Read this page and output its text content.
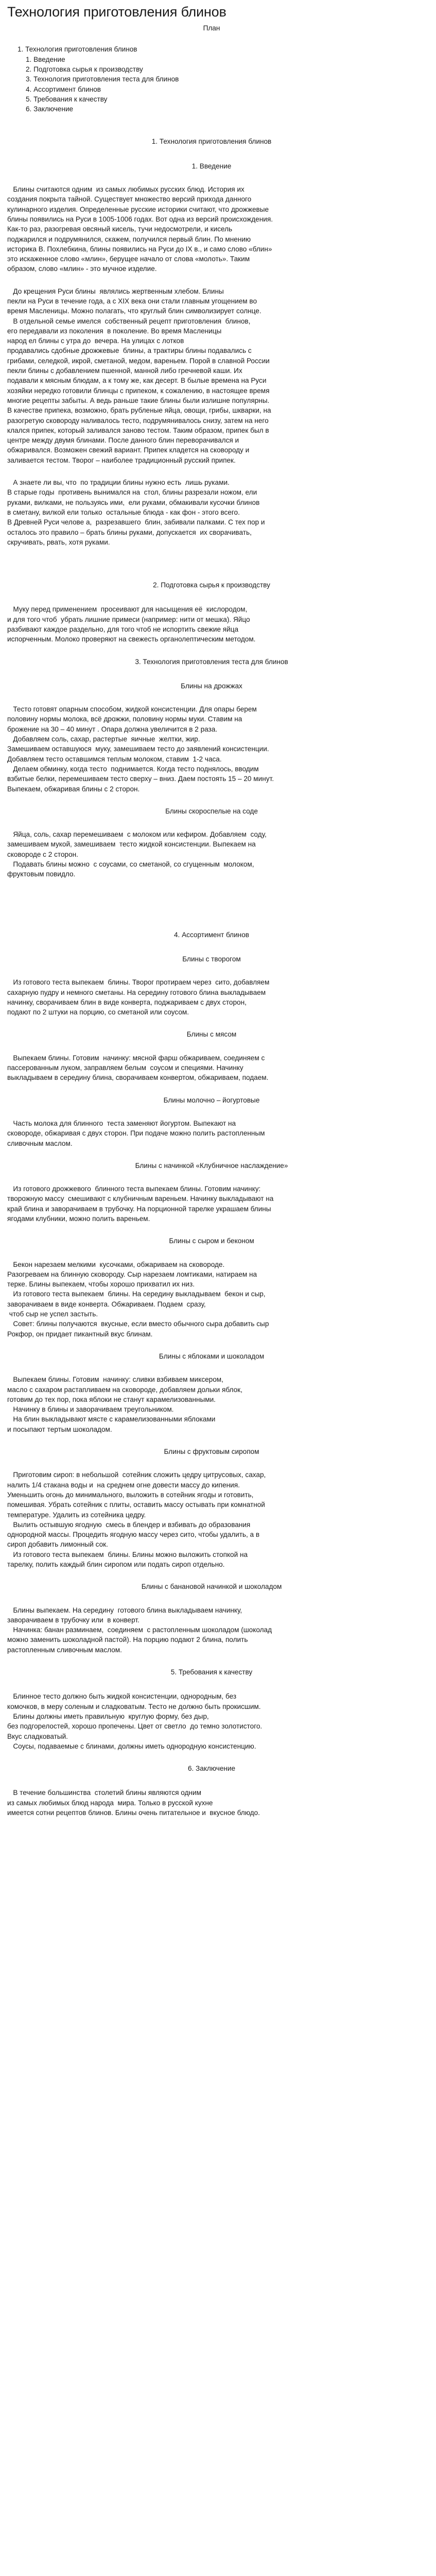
Технология приготовления блинов
План
1. Технология приготовления блинов
1. Введение
2. Подготовка сырья к производству
3. Технология приготовления теста для блинов
4. Ассортимент блинов
5. Требования к качеству
6. Заключение
1. Технология приготовления блинов
1. Введение
Блины считаются одним  из самых любимых русских блюд. История их
создания покрыта тайной. Существует множество версий прихода данного
кулинарного изделия. Определенные русские историки считают, что дрожжевые
блины появились на Руси в 1005-1006 годах. Вот одна из версий происхождения.
Как-то раз, разогревая овсяный кисель, тучи недосмотрели, и кисель
поджарился и подрумянился, скажем, получился первый блин. По мнению
историка В. Похлебкина, блины появились на Руси до IX в., и само слово «блин»
это искаженное слово «млин», берущее начало от слова «молоть». Таким
образом, слово «млин» - это мучное изделие.
До крещения Руси блины  являлись жертвенным хлебом. Блины
пекли на Руси в течение года, а с XIX века они стали главным угощением во
время Масленицы. Можно полагать, что круглый блин символизирует солнце.
В отдельной семье имелся  собственный рецепт приготовления  блинов,
его передавали из поколения  в поколение. Во время Масленицы
народ ел блины с утра до  вечера. На улицах с лотков
продавались сдобные дрожжевые  блины, а трактиры блины подавались с
грибами, селедкой, икрой, сметаной, медом, вареньем. Порой в славной России
пекли блины с добавлением пшенной, манной либо гречневой каши. Их
подавали к мясным блюдам, а к тому же, как десерт. В былые времена на Руси
хозяйки нередко готовили блинцы с припеком, к сожалению, в настоящее время
многие рецепты забыты. А ведь раньше такие блины были излишне популярны.
В качестве припека, возможно, брать рубленые яйца, овощи, грибы, шкварки, на
разогретую сковороду наливалось тесто, подрумянивалось снизу, затем на него
клался припек, который заливался заново тестом. Таким образом, припек был в
центре между двумя блинами. После данного блин переворачивался и
обжаривался. Возможен свежий вариант. Припек кладется на сковороду и
заливается тестом. Творог – наиболее традиционный русский припек.
А знаете ли вы, что  по традиции блины нужно есть  лишь руками.
В старые годы  противень вынимался на  стол, блины разрезали ножом, ели
руками, вилками, не пользуясь ими,  ели руками, обмакивали кусочки блинов
в сметану, вилкой ели только  остальные блюда - как фон - этого всего.
В Древней Руси челове а,  разрезавшего  блин, забивали палками. С тех пор и
осталось это правило – брать блины руками, допускается  их сворачивать,
скручивать, рвать, хотя руками.
2. Подготовка сырья к производству
Муку перед применением  просеивают для насыщения её  кислородом,
и для того чтоб  убрать лишние примеси (например: нити от мешка). Яйцо
разбивают каждое раздельно, для того чтоб не испортить свежие яйца
испорченным. Молоко проверяют на свежесть органолептическим методом.
3. Технология приготовления теста для блинов
Блины на дрожжах
Тесто готовят опарным способом, жидкой консистенции. Для опары берем
половину нормы молока, всё дрожжи, половину нормы муки. Ставим на
брожение на 30 – 40 минут . Опара должна увеличится в 2 раза.
Добавляем соль, сахар, растертые  яичные  желтки, жир.
Замешиваем оставшуюся  муку, замешиваем тесто до заявлений консистенции.
Добавляем тесто оставшимся теплым молоком, ставим  1-2 часа.
Делаем обминку, когда тесто  поднимается. Когда тесто поднялось, вводим
взбитые белки, перемешиваем тесто сверху – вниз. Даем постоять 15 – 20 минут.
Выпекаем, обжаривая блины с 2 сторон.
Блины скороспелые на соде
Яйца, соль, сахар перемешиваем  с молоком или кефиром. Добавляем  соду,
замешиваем мукой, замешиваем  тесто жидкой консистенции. Выпекаем на
сковороде с 2 сторон.
Подавать блины можно  с соусами, со сметаной, со сгущенным  молоком,
фруктовым повидло.
4. Ассортимент блинов
Блины с творогом
Из готового теста выпекаем  блины. Творог протираем через  сито, добавляем
сахарную пудру и немного сметаны. На середину готового блина выкладываем
начинку, сворачиваем блин в виде конверта, поджариваем с двух сторон,
подают по 2 штуки на порцию, со сметаной или соусом.
Блины с мясом
Выпекаем блины. Готовим  начинку: мясной фарш обжариваем, соединяем с
пассерованным луком, заправляем белым  соусом и специями. Начинку
выкладываем в середину блина, сворачиваем конвертом, обжариваем, подаем.
Блины молочно – йогуртовые
Часть молока для блинного  теста заменяют йогуртом. Выпекают на
сковороде, обжаривая с двух сторон. При подаче можно полить растопленным
сливочным маслом.
Блины с начинкой «Клубничное наслаждение»
Из готового дрожжевого  блинного теста выпекаем блины. Готовим начинку:
творожную массу  смешивают с клубничным вареньем. Начинку выкладывают на
край блина и заворачиваем в трубочку. На порционной тарелке украшаем блины
ягодами клубники, можно полить вареньем.
Блины с сыром и беконом
Бекон нарезаем мелкими  кусочками, обжариваем на сковороде.
Разогреваем на блинную сковороду. Сыр нарезаем ломтиками, натираем на
терке. Блины выпекаем, чтобы хорошо прихватил их низ.
Из готового теста выпекаем  блины. На середину выкладываем  бекон и сыр,
заворачиваем в виде конверта. Обжариваем. Подаем  сразу,
чтоб сыр не успел застыть.
Совет: блины получаются  вкусные, если вместо обычного сыра добавить сыр
Рокфор, он придает пикантный вкус блинам.
Блины с яблоками и шоколадом
Выпекаем блины. Готовим  начинку: сливки взбиваем миксером,
масло с сахаром растапливаем на сковороде, добавляем дольки яблок,
готовим до тех пор, пока яблоки не станут карамелизованными.
Начинку в блины и заворачиваем треугольником.
На блин выкладывают мясте с карамелизованными яблоками
и посыпают тертым шоколадом.
Блины с фруктовым сиропом
Приготовим сироп: в небольшой  сотейник сложить цедру цитрусовых, сахар,
налить 1/4 стакана воды и  на среднем огне довести массу до кипения.
Уменьшить огонь до минимального, выложить в сотейник ягоды и готовить,
помешивая. Убрать сотейник с плиты, оставить массу остывать при комнатной
температуре. Удалить из сотейника цедру.
Вылить остывшую ягодную  смесь в блендер и взбивать до образования
однородной массы. Процедить ягодную массу через сито, чтобы удалить, а в
сироп добавить лимонный сок.
Из готового теста выпекаем  блины. Блины можно выложить стопкой на
тарелку, полить каждый блин сиропом или подать сироп отдельно.
Блины с банановой начинкой и шоколадом
Блины выпекаем. На середину  готового блина выкладываем начинку,
заворачиваем в трубочку или  в конверт.
Начинка: банан разминаем,  соединяем  с растопленным шоколадом (шоколад
можно заменить шоколадной пастой). На порцию подают 2 блина, полить
растопленным сливочным маслом.
5. Требования к качеству
Блинное тесто должно быть жидкой консистенции, однородным, без
комочков, в меру соленым и сладковатым. Тесто не должно быть прокисшим.
Блины должны иметь правильную  круглую форму, без дыр,
без подгорелостей, хорошо пропечены. Цвет от светло  до темно золотистого.
Вкус сладковатый.
Соусы, подаваемые с блинами, должны иметь однородную консистенцию.
6. Заключение
В течение большинства  столетий блины являются одним
из самых любимых блюд народа  мира. Только в русской кухне
имеется сотни рецептов блинов. Блины очень питательное и  вкусное блюдо.
